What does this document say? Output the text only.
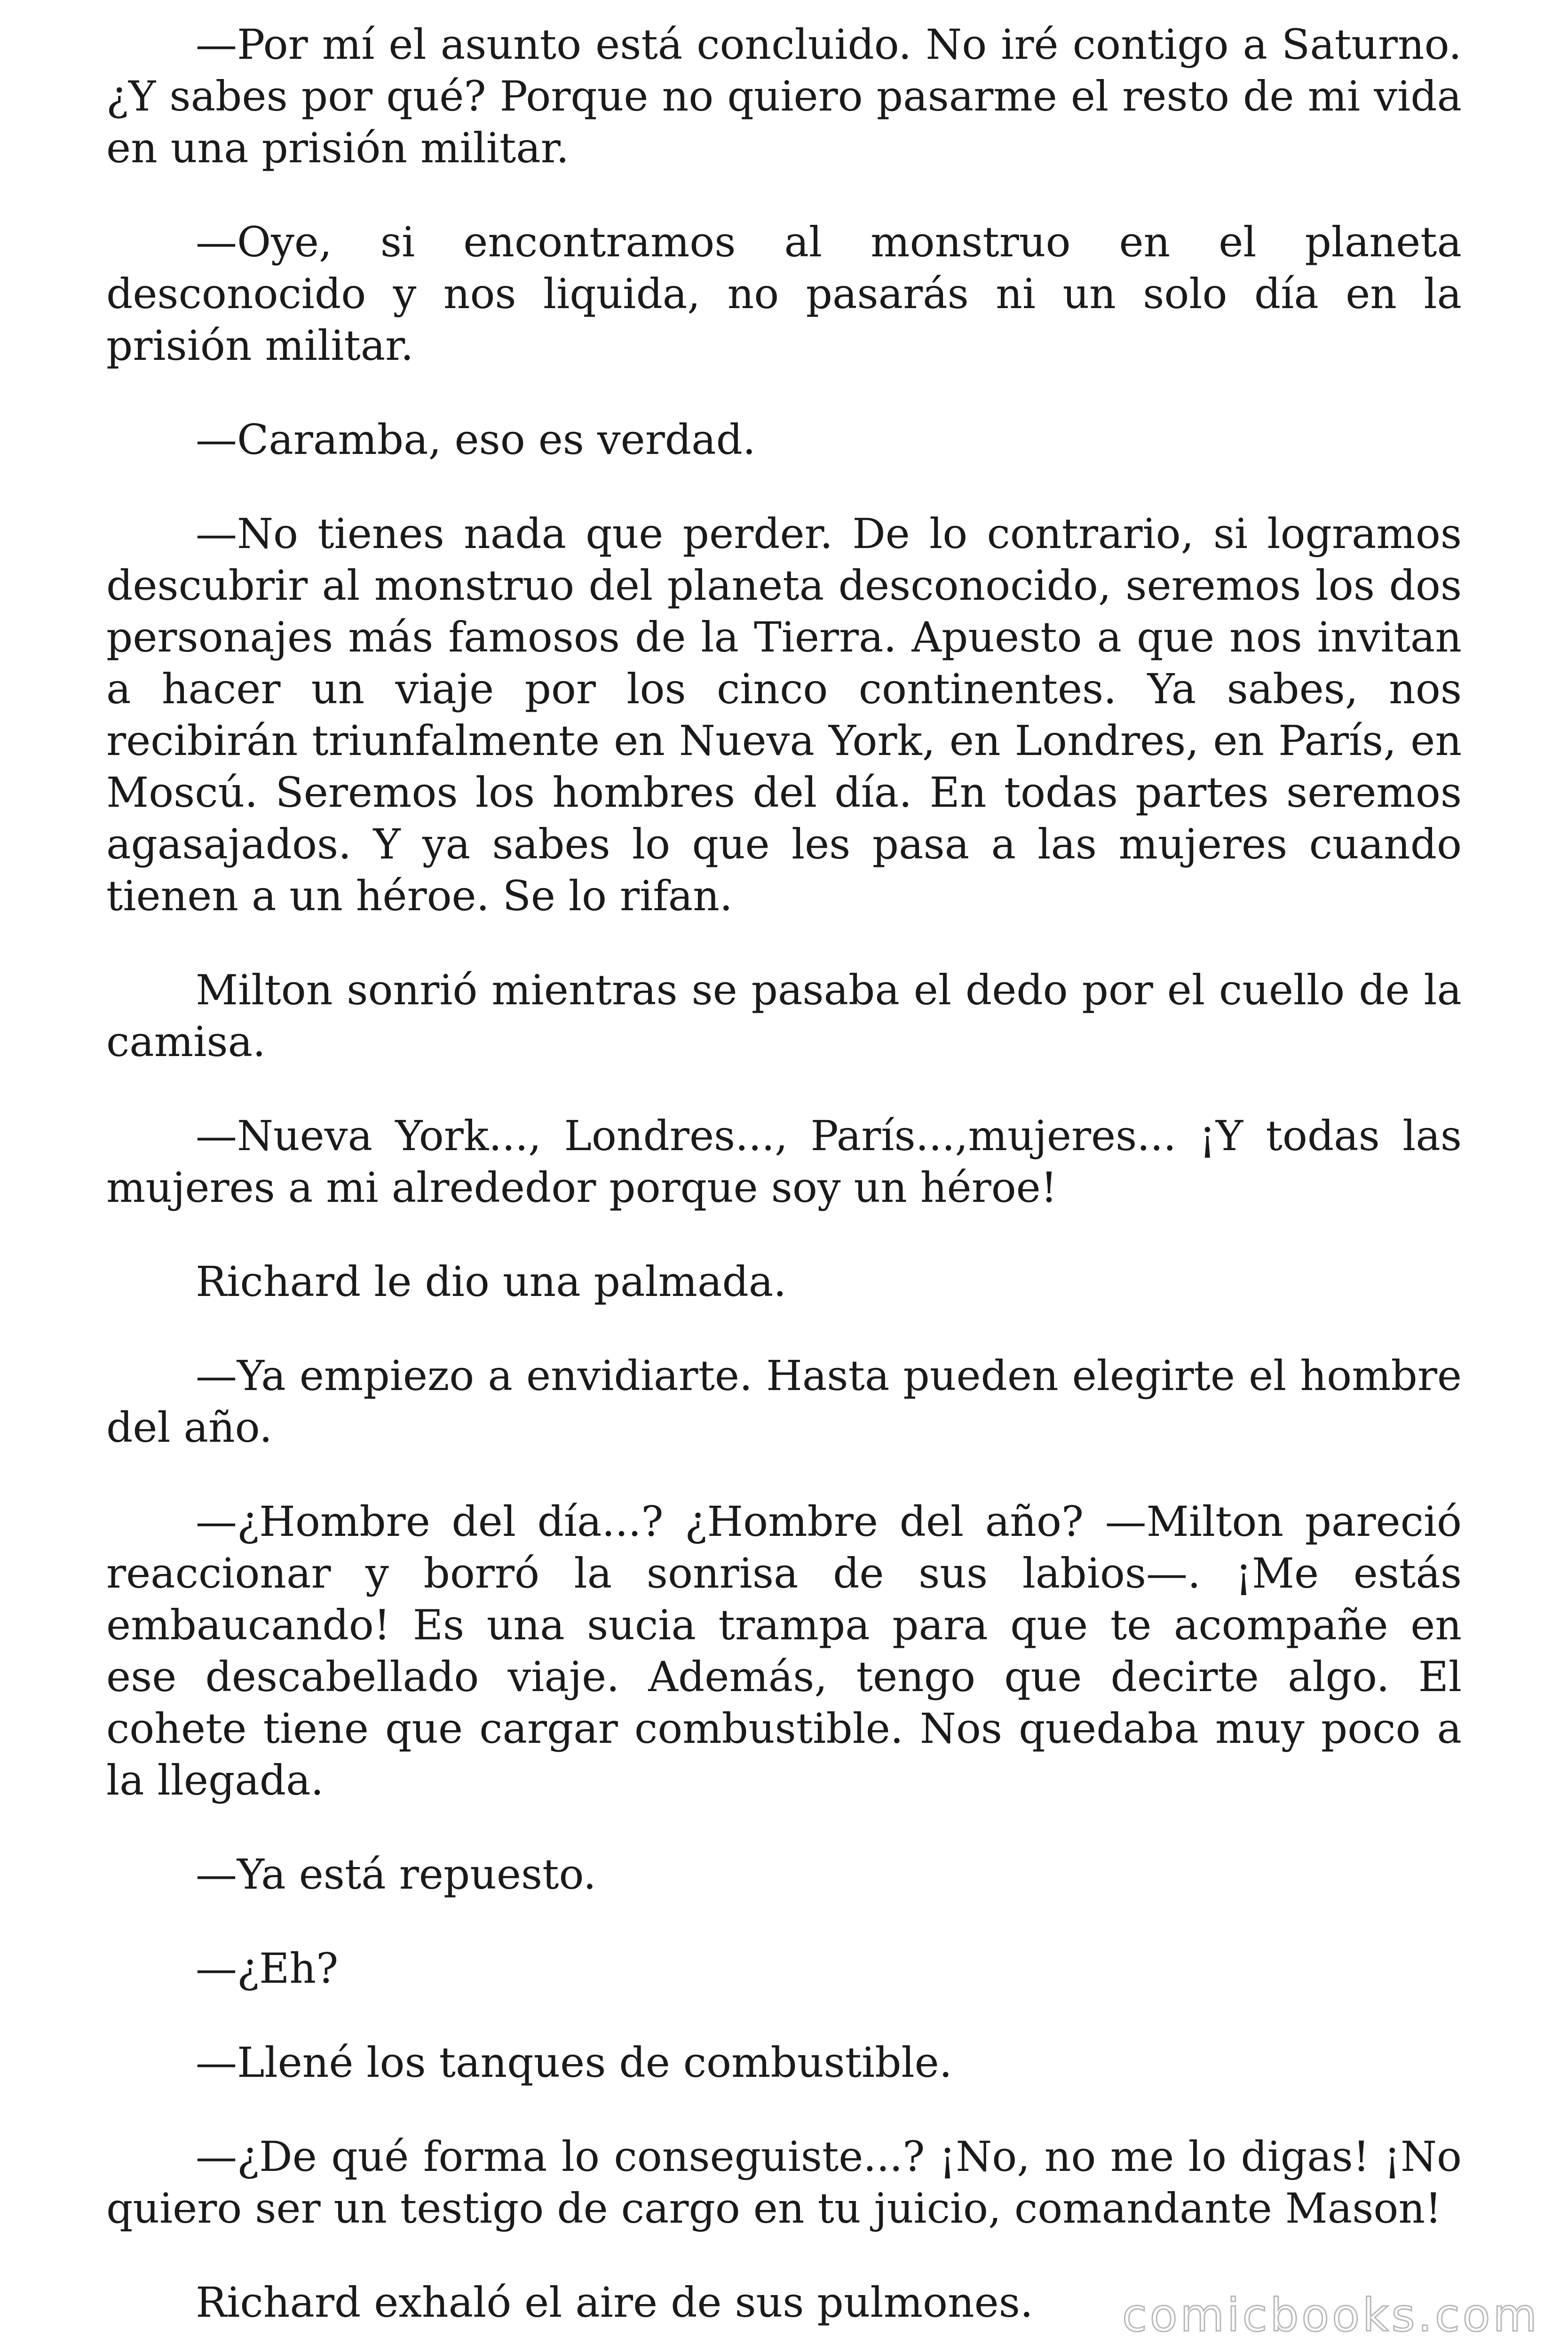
—Por mí el asunto está concluido. No iré contigo a Saturno. ¿Y sabes por qué? Porque no quiero pasarme el resto de mi vida en una prisión militar.

—Oye, si encontramos al monstruo en el planeta desconocido y nos liquida, no pasarás ni un solo día en la prisión militar.

—Caramba, eso es verdad.

—No tienes nada que perder. De lo contrario, si logramos descubrir al monstruo del planeta desconocido, seremos los dos personajes más famosos de la Tierra. Apuesto a que nos invitan a hacer un viaje por los cinco continentes. Ya sabes, nos recibirán triunfalmente en Nueva York, en Londres, en París, en Moscú. Seremos los hombres del día. En todas partes seremos agasajados. Y ya sabes lo que les pasa a las mujeres cuando tienen a un héroe. Se lo rifan.

Milton sonrió mientras se pasaba el dedo por el cuello de la camisa.

—Nueva York..., Londres..., París...,mujeres... ¡Y todas las mujeres a mi alrededor porque soy un héroe!

Richard le dio una palmada.

—Ya empiezo a envidiarte. Hasta pueden elegirte el hombre del año.

—¿Hombre del día...? ¿Hombre del año? —Milton pareció reaccionar y borró la sonrisa de sus labios—. ¡Me estás embaucando! Es una sucia trampa para que te acompañe en ese descabellado viaje. Además, tengo que decirte algo. El cohete tiene que cargar combustible. Nos quedaba muy poco a la llegada.

—Ya está repuesto.

—¿Eh?

—Llené los tanques de combustible.

—¿De qué forma lo conseguiste...? ¡No, no me lo digas! ¡No quiero ser un testigo de cargo en tu juicio, comandante Mason!

Richard exhaló el aire de sus pulmones.	comicbooks.com
